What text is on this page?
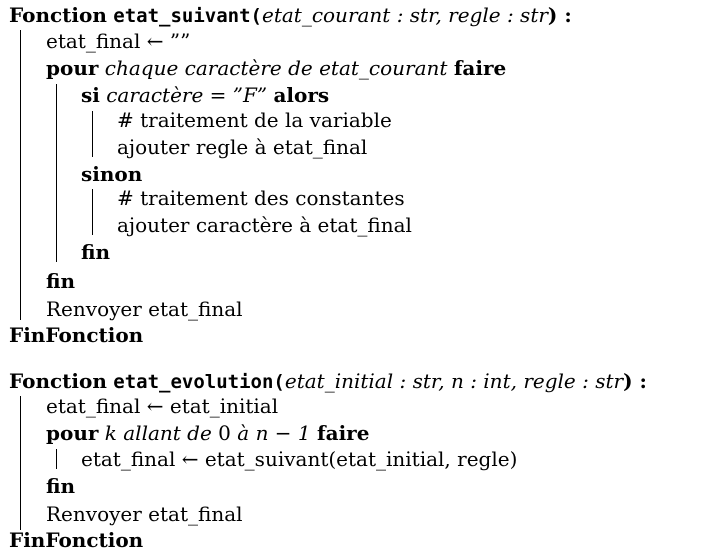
Fonction etat_suivant(etat_courant : str, regle : str) :
etat_final ← ””
pour chaque caractère de etat_courant faire
si caractère = ”F” alors
# traitement de la variable
ajouter regle à etat_final
sinon
# traitement des constantes
ajouter caractère à etat_final
fin
fin
Renvoyer etat_final
FinFonction
Fonction etat_evolution(etat_initial : str, n : int, regle : str) :
etat_final ← etat_initial
pour k allant de 0 à n − 1 faire
etat_final ← etat_suivant(etat_initial, regle)
fin
Renvoyer etat_final
FinFonction
